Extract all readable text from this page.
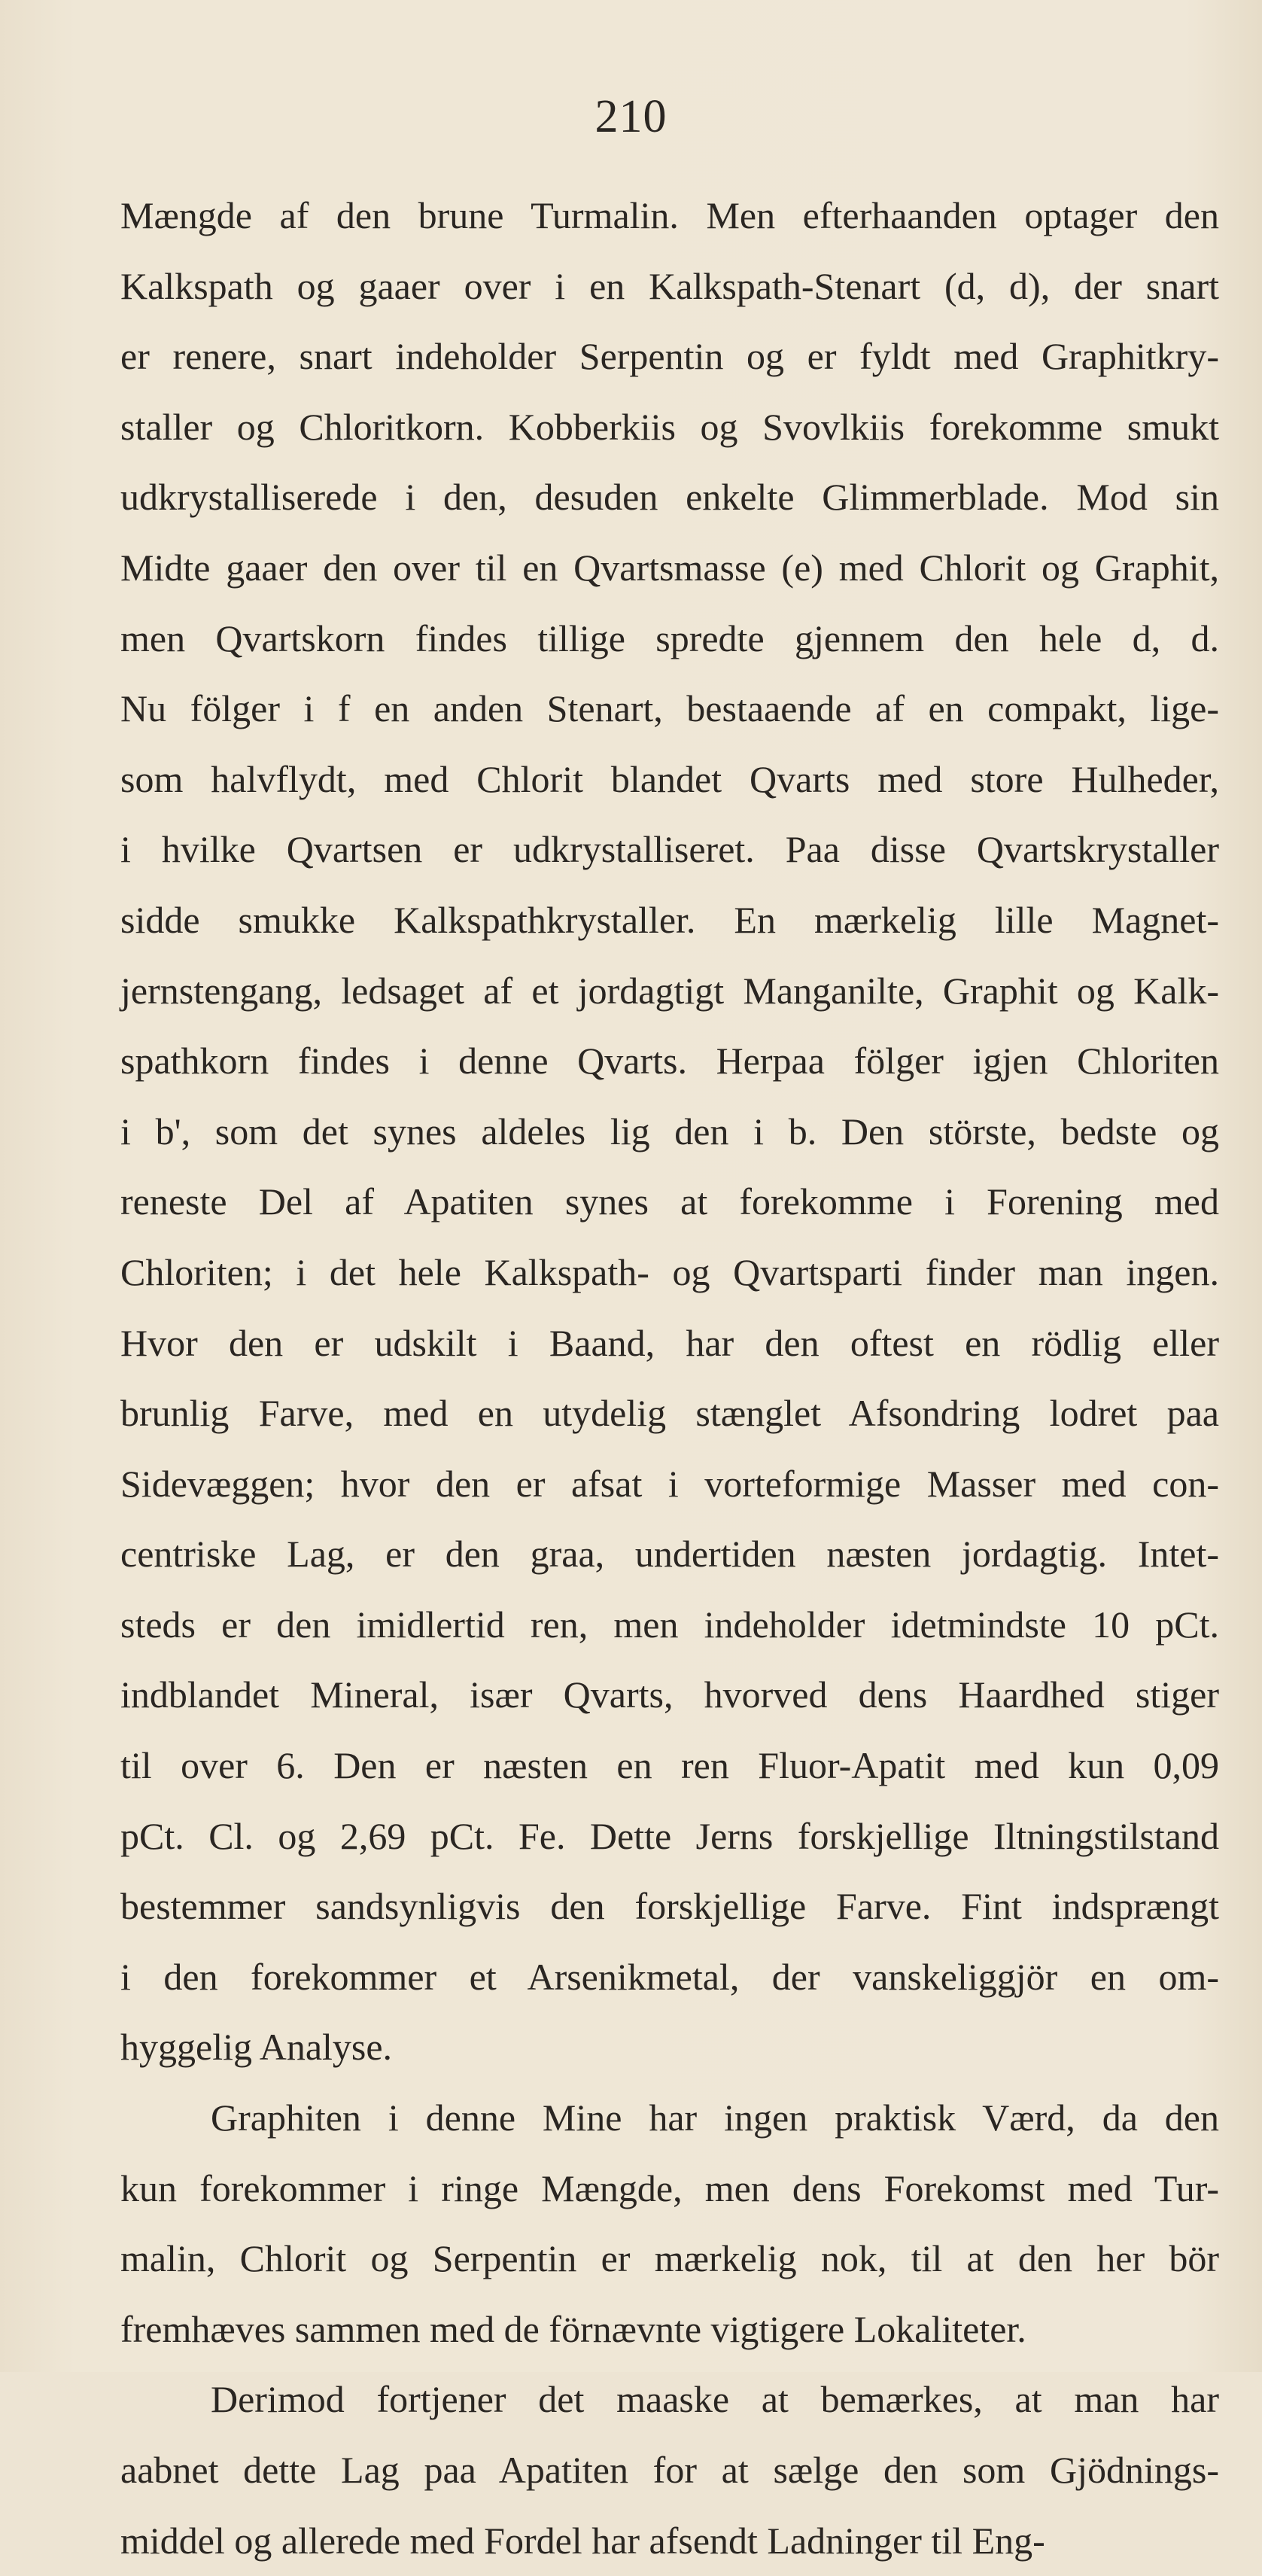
210
Mængde af den brune Turmalin. Men efterhaanden optager den
Kalkspath og gaaer over i en Kalkspath-Stenart (d, d), der snart
er renere, snart indeholder Serpentin og er fyldt med Graphitkry-
staller og Chloritkorn. Kobberkiis og Svovlkiis forekomme smukt
udkrystalliserede i den, desuden enkelte Glimmerblade. Mod sin
Midte gaaer den over til en Qvartsmasse (e) med Chlorit og Graphit,
men Qvartskorn findes tillige spredte gjennem den hele d, d.
Nu fölger i f en anden Stenart, bestaaende af en compakt, lige-
som halvflydt, med Chlorit blandet Qvarts med store Hulheder,
i hvilke Qvartsen er udkrystalliseret. Paa disse Qvartskrystaller
sidde smukke Kalkspathkrystaller. En mærkelig lille Magnet-
jernstengang, ledsaget af et jordagtigt Manganilte, Graphit og Kalk-
spathkorn findes i denne Qvarts. Herpaa fölger igjen Chloriten
i b', som det synes aldeles lig den i b. Den störste, bedste og
reneste Del af Apatiten synes at forekomme i Forening med
Chloriten; i det hele Kalkspath- og Qvartsparti finder man ingen.
Hvor den er udskilt i Baand, har den oftest en rödlig eller
brunlig Farve, med en utydelig stænglet Afsondring lodret paa
Sidevæggen; hvor den er afsat i vorteformige Masser med con-
centriske Lag, er den graa, undertiden næsten jordagtig. Intet-
steds er den imidlertid ren, men indeholder idetmindste 10 pCt.
indblandet Mineral, især Qvarts, hvorved dens Haardhed stiger
til over 6. Den er næsten en ren Fluor-Apatit med kun 0,09
pCt. Cl. og 2,69 pCt. Fe. Dette Jerns forskjellige Iltningstilstand
bestemmer sandsynligvis den forskjellige Farve. Fint indsprængt
i den forekommer et Arsenikmetal, der vanskeliggjör en om-
hyggelig Analyse.
Graphiten i denne Mine har ingen praktisk Værd, da den
kun forekommer i ringe Mængde, men dens Forekomst med Tur-
malin, Chlorit og Serpentin er mærkelig nok, til at den her bör
fremhæves sammen med de förnævnte vigtigere Lokaliteter.
Derimod fortjener det maaske at bemærkes, at man har
aabnet dette Lag paa Apatiten for at sælge den som Gjödnings-
middel og allerede med Fordel har afsendt Ladninger til Eng-
